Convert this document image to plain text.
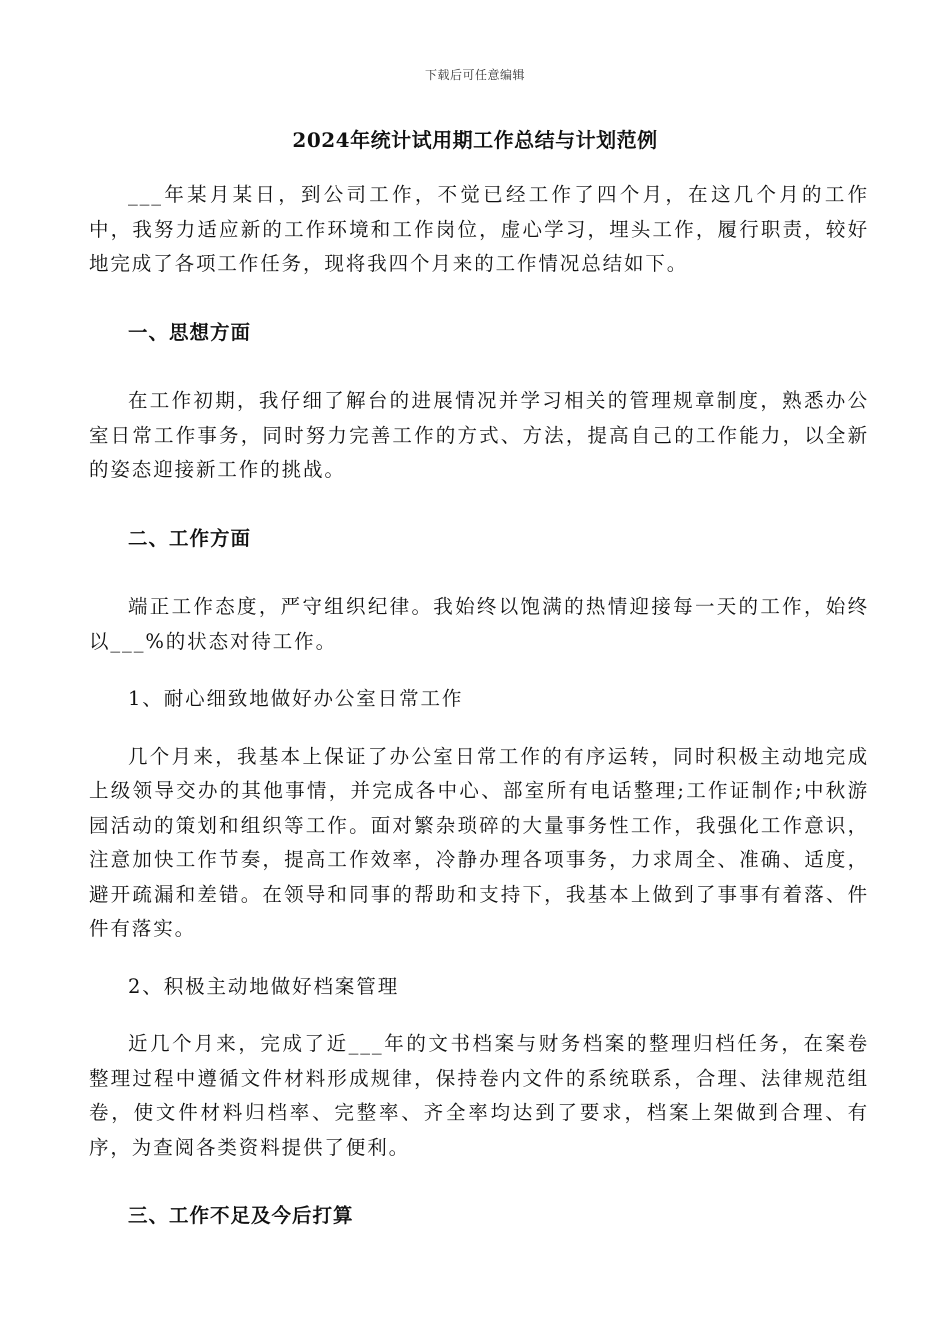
下载后可任意编辑
2024年统计试用期工作总结与计划范例

___年某月某日，到公司工作，不觉已经工作了四个月，在这几个月的工作中，我努力适应新的工作环境和工作岗位，虚心学习，埋头工作，履行职责，较好地完成了各项工作任务，现将我四个月来的工作情况总结如下。

一、思想方面

在工作初期，我仔细了解台的进展情况并学习相关的管理规章制度，熟悉办公室日常工作事务，同时努力完善工作的方式、方法，提高自己的工作能力，以全新的姿态迎接新工作的挑战。

二、工作方面

端正工作态度，严守组织纪律。我始终以饱满的热情迎接每一天的工作，始终以___%的状态对待工作。

1、耐心细致地做好办公室日常工作

几个月来，我基本上保证了办公室日常工作的有序运转，同时积极主动地完成上级领导交办的其他事情，并完成各中心、部室所有电话整理;工作证制作;中秋游园活动的策划和组织等工作。面对繁杂琐碎的大量事务性工作，我强化工作意识，注意加快工作节奏，提高工作效率，冷静办理各项事务，力求周全、准确、适度，避开疏漏和差错。在领导和同事的帮助和支持下，我基本上做到了事事有着落、件件有落实。

2、积极主动地做好档案管理

近几个月来，完成了近___年的文书档案与财务档案的整理归档任务，在案卷整理过程中遵循文件材料形成规律，保持卷内文件的系统联系，合理、法律规范组卷，使文件材料归档率、完整率、齐全率均达到了要求，档案上架做到合理、有序，为查阅各类资料提供了便利。

三、工作不足及今后打算
